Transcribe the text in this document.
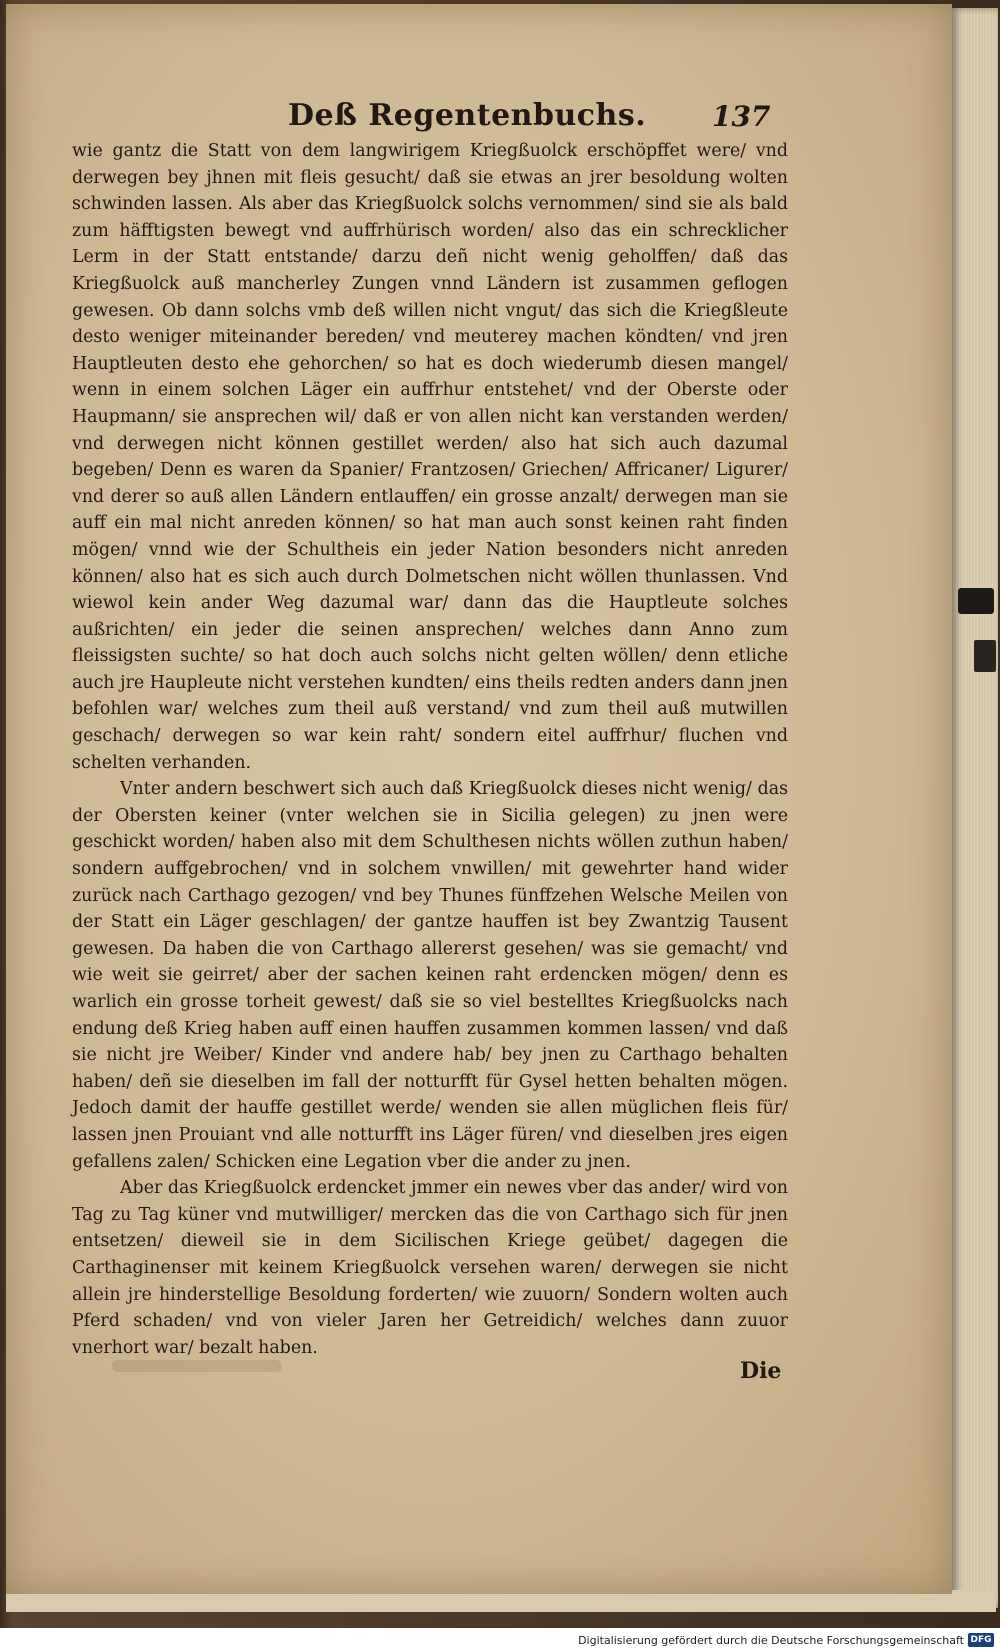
Deß Regentenbuchs.	137

wie gantz die Statt von dem langwirigem Kriegßuolck erschöpffet were/ vnd derwegen bey jhnen mit fleis gesucht/ daß sie etwas an jrer besoldung wolten schwinden lassen. Als aber das Kriegßuolck solchs vernommen/ sind sie als bald zum häfftigsten bewegt vnd auffrhürisch worden/ also das ein schrecklicher Lerm in der Statt entstande/ darzu deñ nicht wenig geholffen/ daß das Kriegßuolck auß mancherley Zungen vnnd Ländern ist zusammen geflogen gewesen. Ob dann solchs vmb deß willen nicht vngut/ das sich die Kriegßleute desto weniger miteinander bereden/ vnd meuterey machen köndten/ vnd jren Hauptleuten desto ehe gehorchen/ so hat es doch wiederumb diesen mangel/ wenn in einem solchen Läger ein auffrhur entstehet/ vnd der Oberste oder Haupmann/ sie ansprechen wil/ daß er von allen nicht kan verstanden werden/ vnd derwegen nicht können gestillet werden/ also hat sich auch dazumal begeben/ Denn es waren da Spanier/ Frantzosen/ Griechen/ Affricaner/ Ligurer/ vnd derer so auß allen Ländern entlauffen/ ein grosse anzalt/ derwegen man sie auff ein mal nicht anreden können/ so hat man auch sonst keinen raht finden mögen/ vnnd wie der Schultheis ein jeder Nation besonders nicht anreden können/ also hat es sich auch durch Dolmetschen nicht wöllen thunlassen. Vnd wiewol kein ander Weg dazumal war/ dann das die Hauptleute solches außrichten/ ein jeder die seinen ansprechen/ welches dann Anno zum fleissigsten suchte/ so hat doch auch solchs nicht gelten wöllen/ denn etliche auch jre Haupleute nicht verstehen kundten/ eins theils redten anders dann jnen befohlen war/ welches zum theil auß verstand/ vnd zum theil auß mutwillen geschach/ derwegen so war kein raht/ sondern eitel auffrhur/ fluchen vnd schelten verhanden.

Vnter andern beschwert sich auch daß Kriegßuolck dieses nicht wenig/ das der Obersten keiner (vnter welchen sie in Sicilia gelegen) zu jnen were geschickt worden/ haben also mit dem Schulthesen nichts wöllen zuthun haben/ sondern auffgebrochen/ vnd in solchem vnwillen/ mit gewehrter hand wider zurück nach Carthago gezogen/ vnd bey Thunes fünffzehen Welsche Meilen von der Statt ein Läger geschlagen/ der gantze hauffen ist bey Zwantzig Tausent gewesen. Da haben die von Carthago allererst gesehen/ was sie gemacht/ vnd wie weit sie geirret/ aber der sachen keinen raht erdencken mögen/ denn es warlich ein grosse torheit gewest/ daß sie so viel bestelltes Kriegßuolcks nach endung deß Krieg haben auff einen hauffen zusammen kommen lassen/ vnd daß sie nicht jre Weiber/ Kinder vnd andere hab/ bey jnen zu Carthago behalten haben/ deñ sie dieselben im fall der notturfft für Gysel hetten behalten mögen. Jedoch damit der hauffe gestillet werde/ wenden sie allen müglichen fleis für/ lassen jnen Prouiant vnd alle notturfft ins Läger füren/ vnd dieselben jres eigen gefallens zalen/ Schicken eine Legation vber die ander zu jnen.

Aber das Kriegßuolck erdencket jmmer ein newes vber das ander/ wird von Tag zu Tag küner vnd mutwilliger/ mercken das die von Carthago sich für jnen entsetzen/ dieweil sie in dem Sicilischen Kriege geübet/ dagegen die Carthaginenser mit keinem Kriegßuolck versehen waren/ derwegen sie nicht allein jre hinderstellige Besoldung forderten/ wie zuuorn/ Sondern wolten auch Pferd schaden/ vnd von vieler Jaren her Getreidich/ welches dann zuuor vnerhort war/ bezalt haben.

Die
Digitalisierung gefördert durch die Deutsche Forschungsgemeinschaft DFG
